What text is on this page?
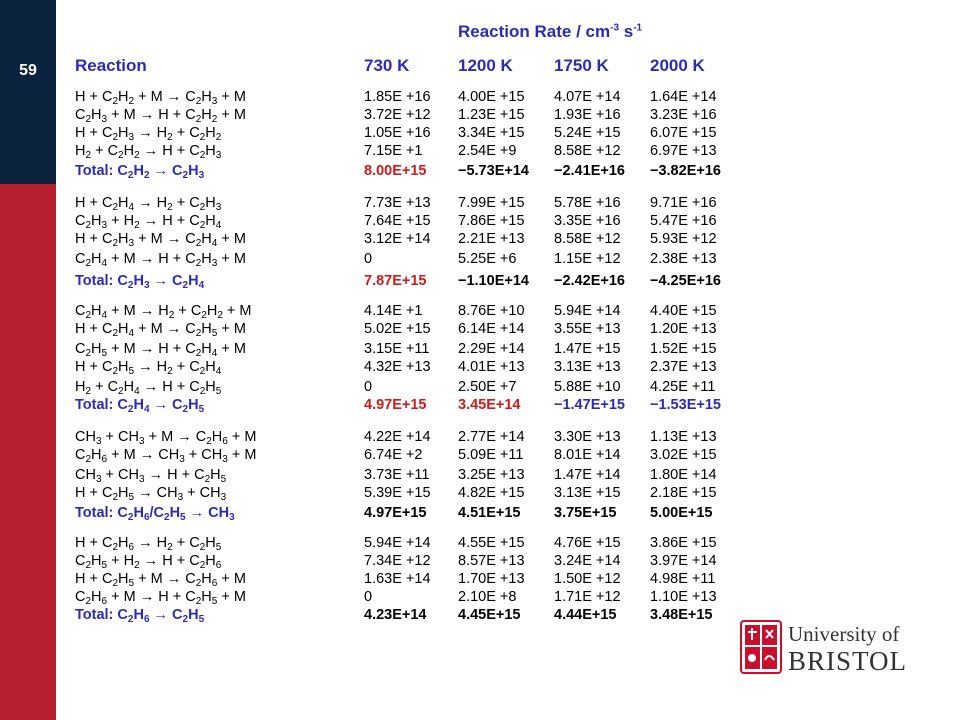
59
Reaction Rate / $cm^{-3}$ $s^{-1}$
Reaction	730 K	1200 K 1750 K 2000 K
$H + C_2H_2 + M \to C_2H_3 + M$	1.85E +16 4.00E +15 4.07E +14 1.64E +14
$C_2H_3 + M \to H + C_2H_2 + M$	3.72E +12 1.23E +15 1.93E +16 3.23E +16
$H + C_2H_3 \to H_2 + C_2H_2$	1.05E +16 3.34E +15 5.24E +15 6.07E +15
$H_2 + C_2H_2 \to H + C_2H_3$	7.15E +1 2.54E +9	8.58E +12 6.97E +13
Total: $C_2H_2 \to C_2H_3$	8.00E+15 −5.73E+14 −2.41E+16 −3.82E+16
$H + C_2H_4 \to H_2 + C_2H_3$	7.73E +13 7.99E +15 5.78E +16 9.71E +16
$C_2H_3 + H_2 \to H + C_2H_4$	7.64E +15 7.86E +15 3.35E +16 5.47E +16
$H + C_2H_3 + M \to C_2H_4 + M$	3.12E +14 2.21E +13 8.58E +12 5.93E +12
$C_2H_4 + M \to H + C_2H_3 + M$	0	5.25E +6	1.15E +12 2.38E +13
Total: $C_2H_3 \to C_2H_4$	7.87E+15 −1.10E+14 −2.42E+16 −4.25E+16
$C_2H_4 + M \to H_2 + C_2H_2 + M$	4.14E +1 8.76E +10 5.94E +14 4.40E +15
$H + C_2H_4 + M \to C_2H_5 + M$	5.02E +15 6.14E +14 3.55E +13 1.20E +13
$C_2H_5 + M \to H + C_2H_4 + M$	3.15E +11 2.29E +14 1.47E +15 1.52E +15
$H + C_2H_5 \to H_2 + C_2H_4$	4.32E +13 4.01E +13 3.13E +13 2.37E +13
$H_2 + C_2H_4 \to H + C_2H_5$	0	2.50E +7	5.88E +10 4.25E +11
Total: $C_2H_4 \to C_2H_5$	4.97E+15 3.45E+14 −1.47E+15 −1.53E+15
$CH_3 + CH_3 + M \to C_2H_6 + M$	4.22E +14 2.77E +14 3.30E +13 1.13E +13
$C_2H_6 + M \to CH_3 + CH_3 + M$	6.74E +2 5.09E +11 8.01E +14 3.02E +15
$CH_3 + CH_3 \to H + C_2H_5$	3.73E +11 3.25E +13 1.47E +14 1.80E +14
$H + C_2H_5 \to CH_3 + CH_3$	5.39E +15 4.82E +15 3.13E +15 2.18E +15
Total: $C_2H_6/C_2H_5 \to CH_3$	4.97E+15 4.51E+15 3.75E+15 5.00E+15
$H + C_2H_6 \to H_2 + C_2H_5$	5.94E +14 4.55E +15 4.76E +15 3.86E +15
$C_2H_5 + H_2 \to H + C_2H_6$	7.34E +12 8.57E +13 3.24E +14 3.97E +14
$H + C_2H_5 + M \to C_2H_6 + M$	1.63E +14 1.70E +13 1.50E +12 4.98E +11
$C_2H_6 + M \to H + C_2H_5 + M$	0	2.10E +8	1.71E +12 1.10E +13
Total: $C_2H_6 \to C_2H_5$	4.23E+14 4.45E+15 4.44E+15 3.48E+15
University of
BRISTOL
